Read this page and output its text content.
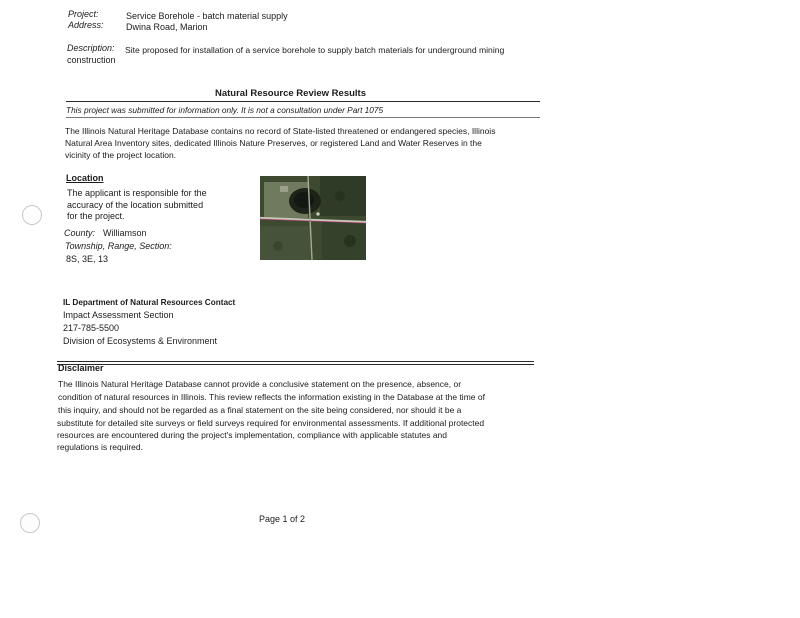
Project:	Service Borehole - batch material supply
Address: Dwina Road, Marion
Description: Site proposed for installation of a service borehole to supply batch materials for underground mining
construction
Natural Resource Review Results
This project was submitted for information only. It is not a consultation under Part 1075
The Illinois Natural Heritage Database contains no record of State-listed threatened or endangered species, Illinois
Natural Area Inventory sites, dedicated Illinois Nature Preserves, or registered Land and Water Reserves in the
vicinity of the project location.
Location
The applicant is responsible for the
accuracy of the location submitted
for the project.
County: Williamson
Township, Range, Section:
8S, 3E, 13
IL Department of Natural Resources Contact
Impact Assessment Section
217-785-5500
Division of Ecosystems & Environment
Disclaimer
The Illinois Natural Heritage Database cannot provide a conclusive statement on the presence, absence, or
condition of natural resources in Illinois. This review reflects the information existing in the Database at the time of
this inquiry, and should not be regarded as a final statement on the site being considered, nor should it be a
substitute for detailed site surveys or field surveys required for environmental assessments. If additional protected
resources are encountered during the project's implementation, compliance with applicable statutes and
regulations is required.
Page 1 of 2
